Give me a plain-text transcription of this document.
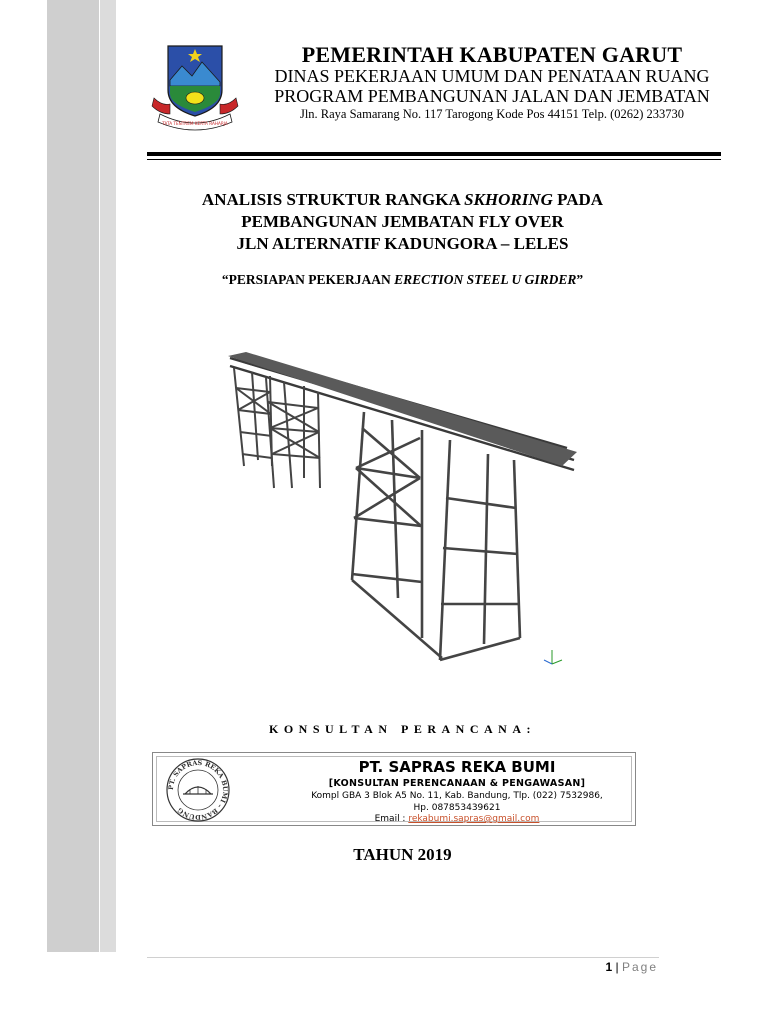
TATA TENTREM KERTA RAHARJA
PEMERINTAH KABUPATEN GARUT
DINAS PEKERJAAN UMUM DAN PENATAAN RUANG
PROGRAM PEMBANGUNAN JALAN DAN JEMBATAN
Jln. Raya Samarang No. 117 Tarogong Kode Pos 44151 Telp. (0262) 233730
ANALISIS STRUKTUR RANGKA SKHORING PADA
PEMBANGUNAN JEMBATAN FLY OVER
JLN ALTERNATIF KADUNGORA – LELES
“PERSIAPAN PEKERJAAN ERECTION STEEL U GIRDER”
KONSULTAN PERANCANA:
PT. SAPRAS REKA BUMI – BANDUNG
PT. SAPRAS REKA BUMI
[KONSULTAN PERENCANAAN & PENGAWASAN]
Kompl GBA 3 Blok A5 No. 11, Kab. Bandung, Tlp. (022) 7532986,
Hp. 087853439621
Email : rekabumi.sapras@gmail.com
TAHUN 2019
1 | Page
